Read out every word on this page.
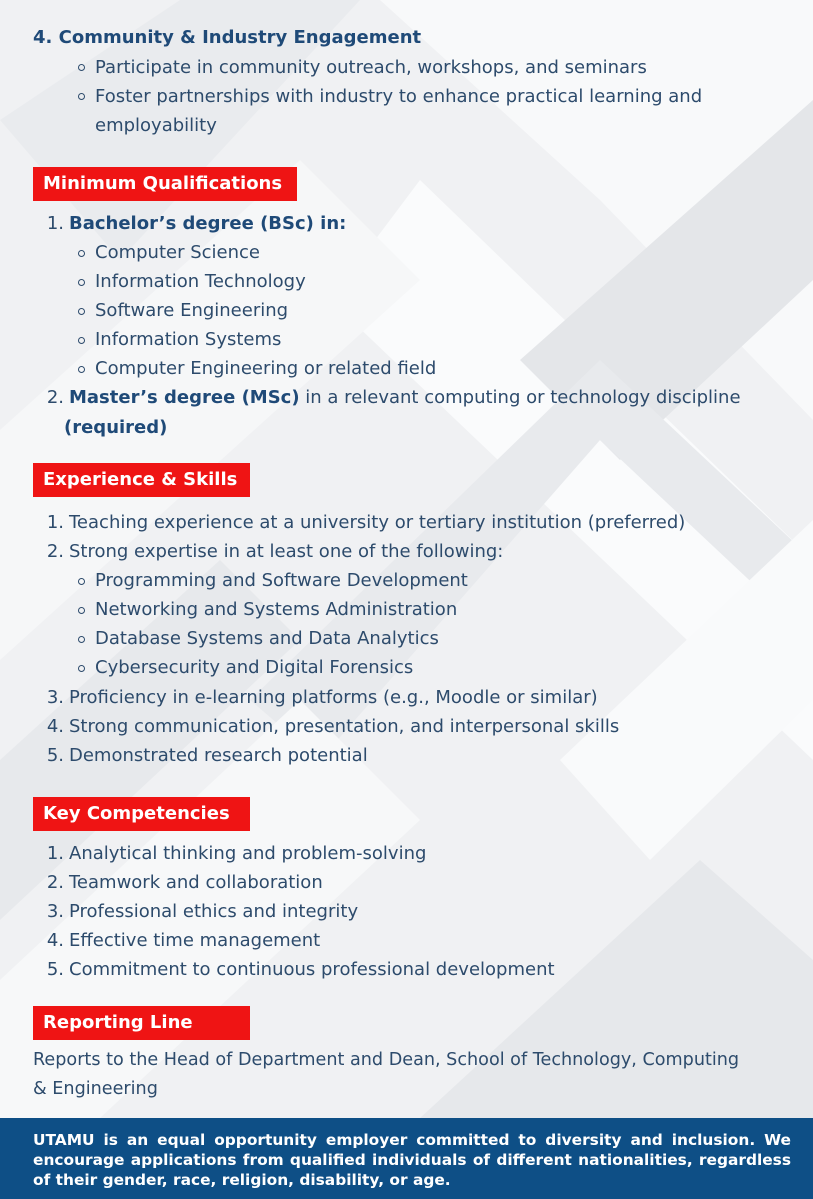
4. Community & Industry Engagement
Participate in community outreach, workshops, and seminars
Foster partnerships with industry to enhance practical learning and
employability
Minimum Qualifications
1. Bachelor’s degree (BSc) in:
Computer Science
Information Technology
Software Engineering
Information Systems
Computer Engineering or related field
2. Master’s degree (MSc) in a relevant computing or technology discipline
(required)
Experience & Skills
1. Teaching experience at a university or tertiary institution (preferred)
2. Strong expertise in at least one of the following:
Programming and Software Development
Networking and Systems Administration
Database Systems and Data Analytics
Cybersecurity and Digital Forensics
3. Proficiency in e-learning platforms (e.g., Moodle or similar)
4. Strong communication, presentation, and interpersonal skills
5. Demonstrated research potential
Key Competencies
1. Analytical thinking and problem-solving
2. Teamwork and collaboration
3. Professional ethics and integrity
4. Effective time management
5. Commitment to continuous professional development
Reporting Line
Reports to the Head of Department and Dean, School of Technology, Computing
& Engineering
UTAMU is an equal opportunity employer committed to diversity and inclusion. We encourage applications from qualified individuals of different nationalities, regardless of their gender, race, religion, disability, or age.
